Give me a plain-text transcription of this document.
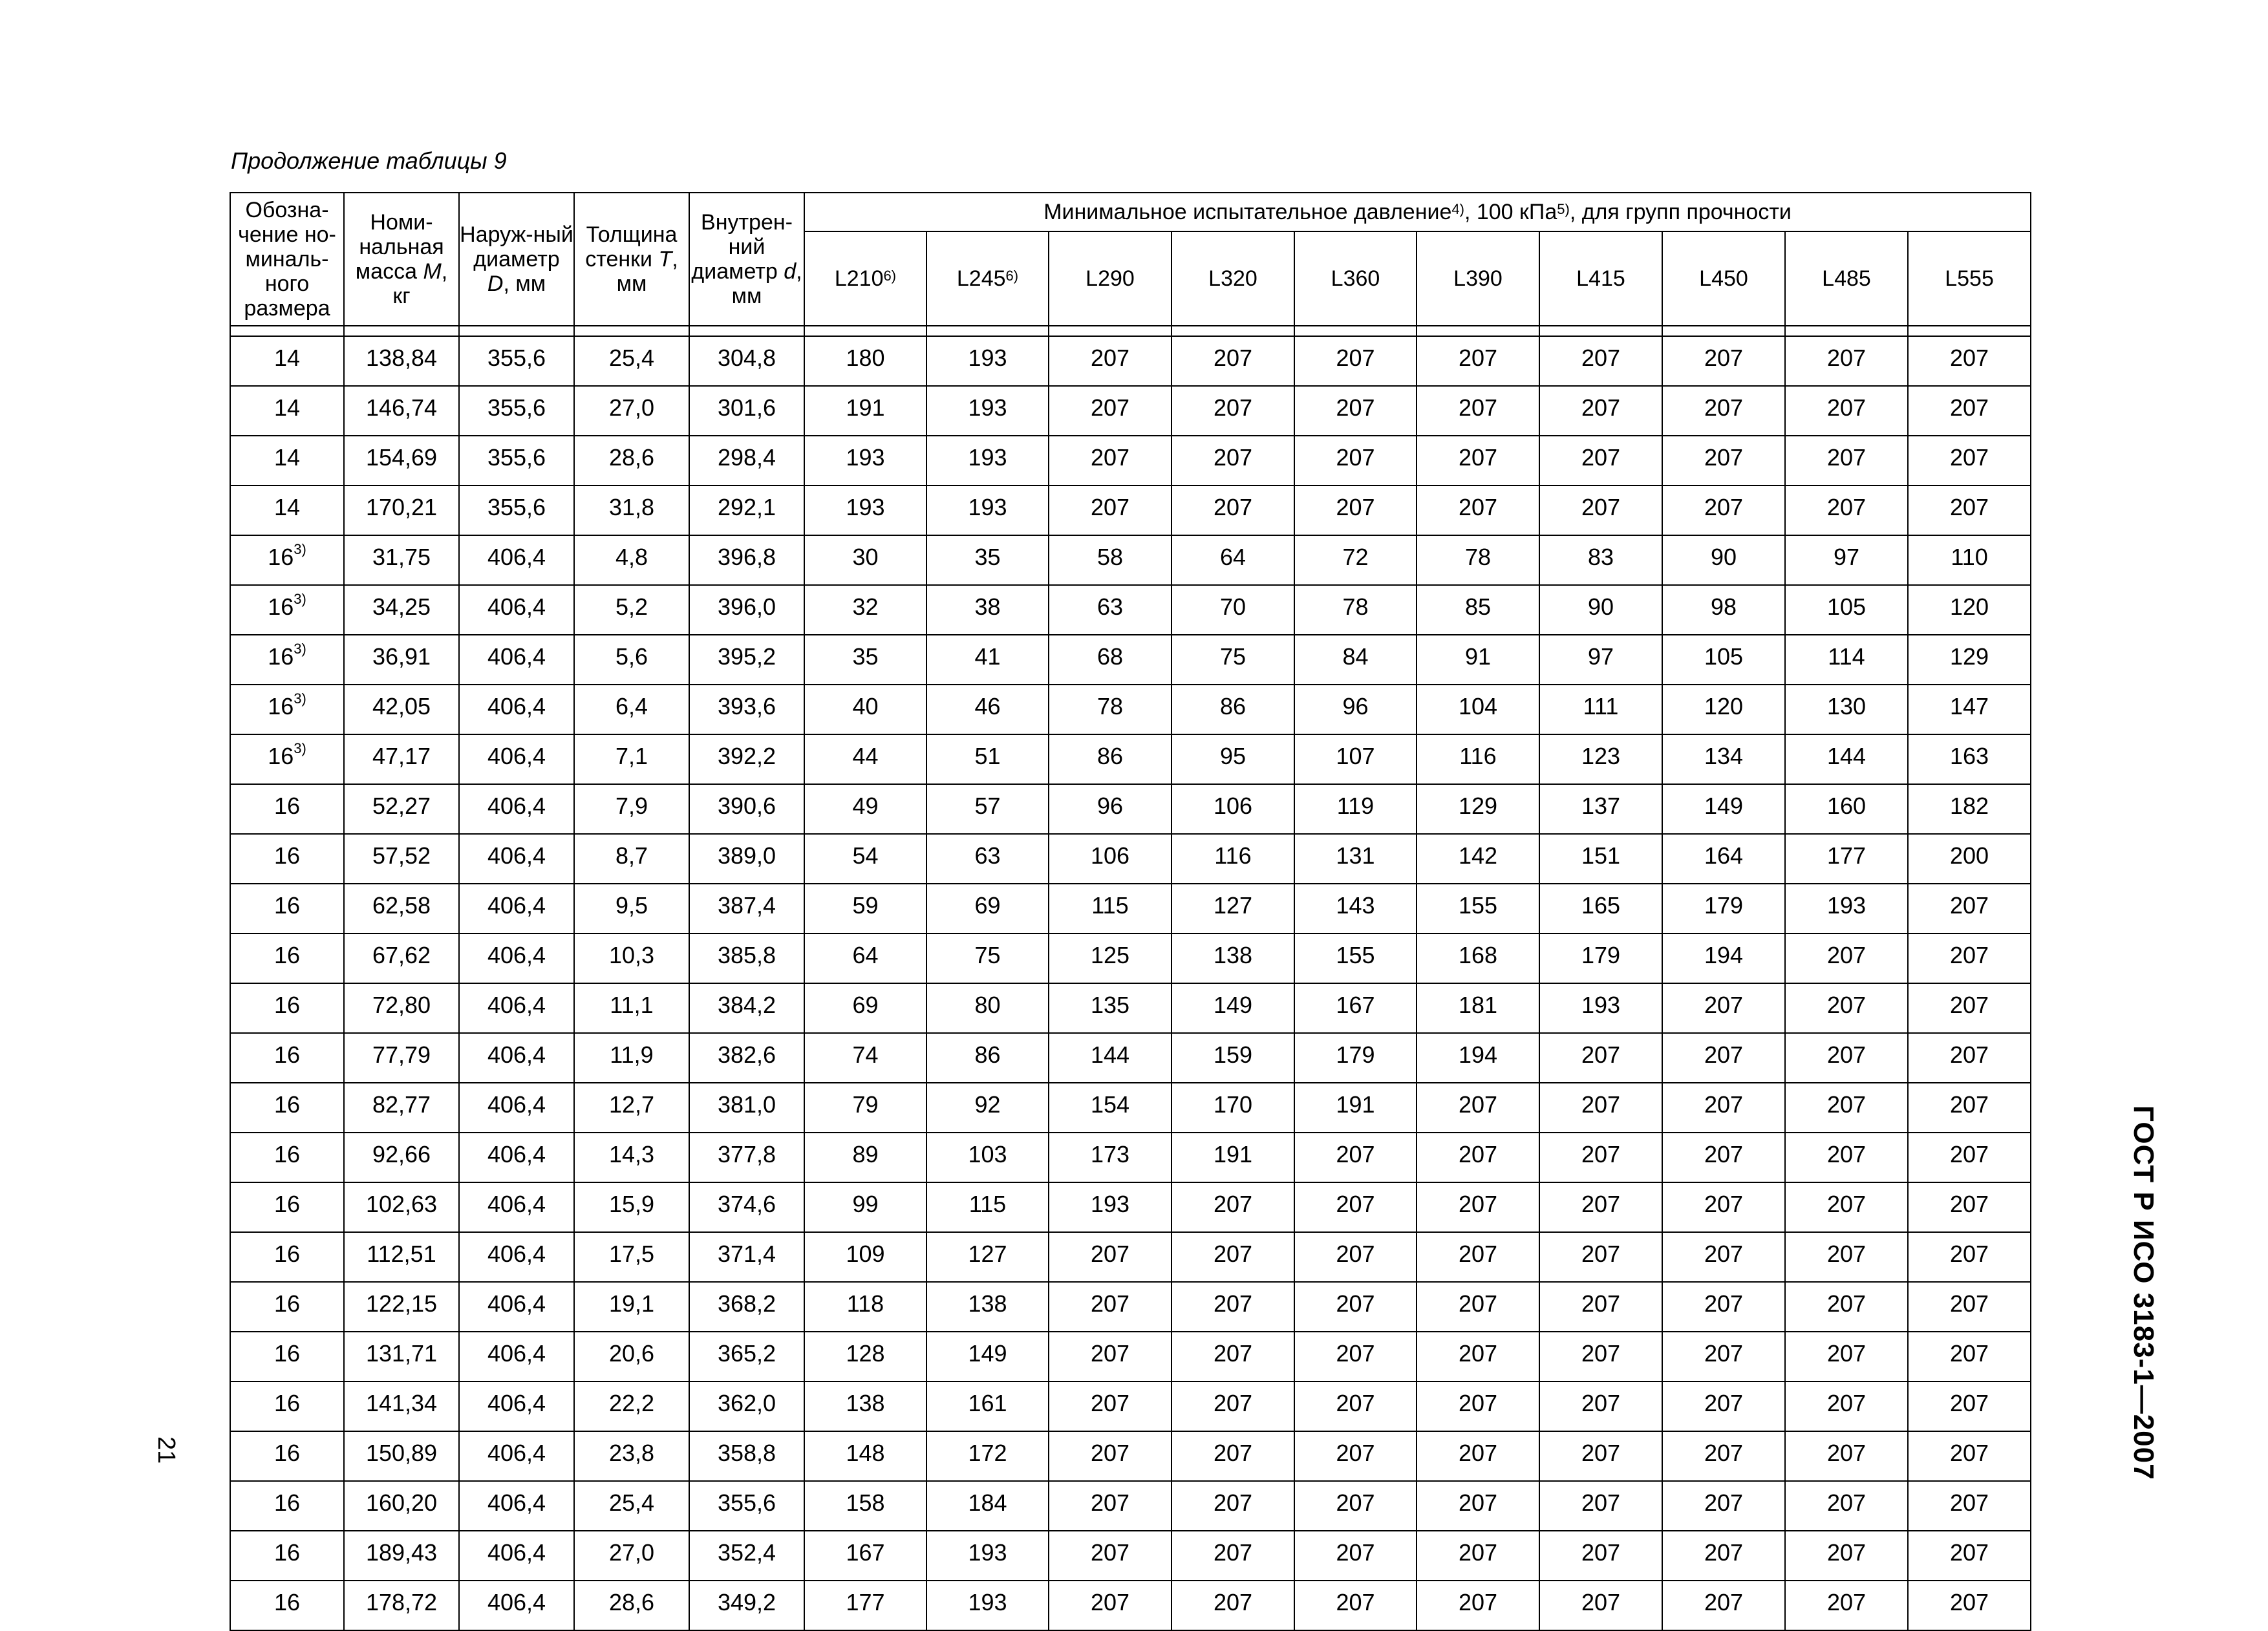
Продолжение таблицы 9
Обозна-чение но-миналь-ного размера	Номи-нальная масса M, кг	Наруж-ный диаметр D, мм	Толщина стенки T, мм	Внутрен-ний диаметр d, мм	Минимальное испытательное давление$^{4)}$, 100 кПа$^{5)}$, для групп прочности									
					L210$^{6)}$	L245$^{6)}$	L290	L320	L360	L390	L415	L450	L485	L555

14	138,84	355,6	25,4	304,8	180	193	207	207	207	207	207	207	207	207
14	146,74	355,6	27,0	301,6	191	193	207	207	207	207	207	207	207	207
14	154,69	355,6	28,6	298,4	193	193	207	207	207	207	207	207	207	207
14	170,21	355,6	31,8	292,1	193	193	207	207	207	207	207	207	207	207
16$^{3)}$	31,75	406,4	4,8	396,8	30	35	58	64	72	78	83	90	97	110
16$^{3)}$	34,25	406,4	5,2	396,0	32	38	63	70	78	85	90	98	105	120
16$^{3)}$	36,91	406,4	5,6	395,2	35	41	68	75	84	91	97	105	114	129
16$^{3)}$	42,05	406,4	6,4	393,6	40	46	78	86	96	104	111	120	130	147
16$^{3)}$	47,17	406,4	7,1	392,2	44	51	86	95	107	116	123	134	144	163
16	52,27	406,4	7,9	390,6	49	57	96	106	119	129	137	149	160	182
16	57,52	406,4	8,7	389,0	54	63	106	116	131	142	151	164	177	200
16	62,58	406,4	9,5	387,4	59	69	115	127	143	155	165	179	193	207
16	67,62	406,4	10,3	385,8	64	75	125	138	155	168	179	194	207	207
16	72,80	406,4	11,1	384,2	69	80	135	149	167	181	193	207	207	207
16	77,79	406,4	11,9	382,6	74	86	144	159	179	194	207	207	207	207
16	82,77	406,4	12,7	381,0	79	92	154	170	191	207	207	207	207	207
16	92,66	406,4	14,3	377,8	89	103	173	191	207	207	207	207	207	207
16	102,63	406,4	15,9	374,6	99	115	193	207	207	207	207	207	207	207
16	112,51	406,4	17,5	371,4	109	127	207	207	207	207	207	207	207	207
16	122,15	406,4	19,1	368,2	118	138	207	207	207	207	207	207	207	207
16	131,71	406,4	20,6	365,2	128	149	207	207	207	207	207	207	207	207
16	141,34	406,4	22,2	362,0	138	161	207	207	207	207	207	207	207	207
16	150,89	406,4	23,8	358,8	148	172	207	207	207	207	207	207	207	207
16	160,20	406,4	25,4	355,6	158	184	207	207	207	207	207	207	207	207
16	189,43	406,4	27,0	352,4	167	193	207	207	207	207	207	207	207	207
16	178,72	406,4	28,6	349,2	177	193	207	207	207	207	207	207	207	207
21	ГОСТ Р ИСО 3183-1—2007
